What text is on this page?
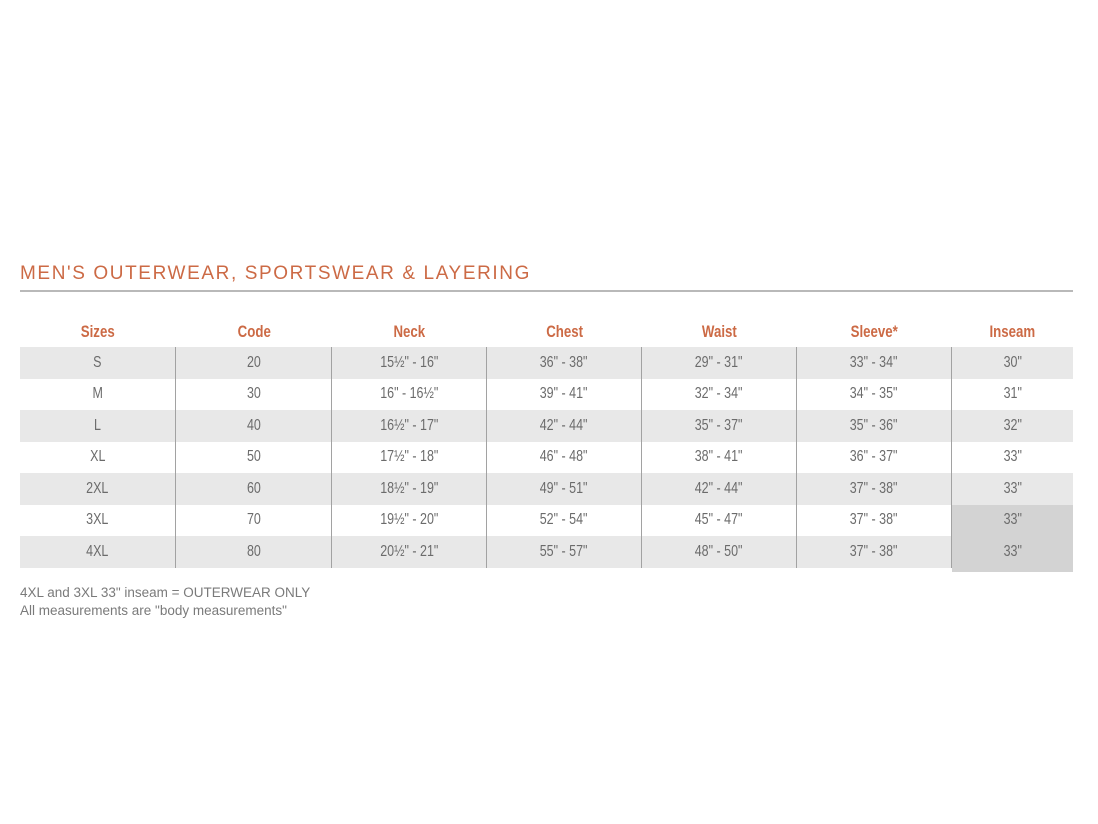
MEN'S OUTERWEAR, SPORTSWEAR & LAYERING
Sizes	Code	Neck	Chest	Waist	Sleeve*	Inseam
S	20	15½" - 16"	36" - 38"	29" - 31"	33" - 34"	30"
M	30	16" - 16½"	39" - 41"	32" - 34"	34" - 35"	31"
L	40	16½" - 17"	42" - 44"	35" - 37"	35" - 36"	32"
XL	50	17½" - 18"	46" - 48"	38" - 41"	36" - 37"	33"
2XL	60	18½" - 19"	49" - 51"	42" - 44"	37" - 38"	33"
3XL	70	19½" - 20"	52" - 54"	45" - 47"	37" - 38"	33"
4XL	80	20½" - 21"	55" - 57"	48" - 50"	37" - 38"	33"
4XL and 3XL 33" inseam = OUTERWEAR ONLY
All measurements are "body measurements"
